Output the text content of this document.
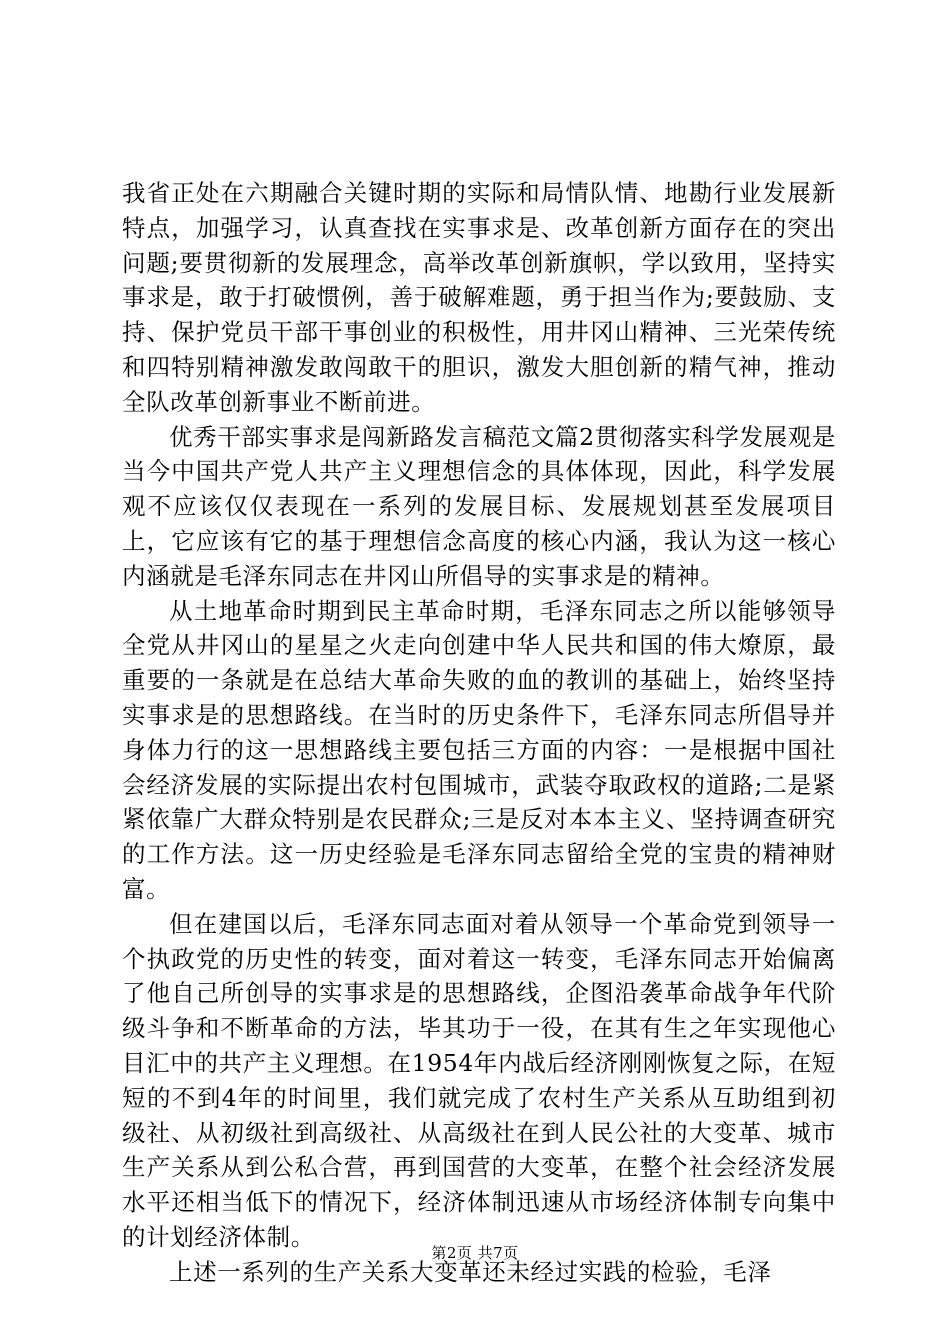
我省正处在六期融合关键时期的实际和局情队情、地勘行业发展新特点，加强学习，认真查找在实事求是、改革创新方面存在的突出问题;要贯彻新的发展理念，高举改革创新旗帜，学以致用，坚持实事求是，敢于打破惯例，善于破解难题，勇于担当作为;要鼓励、支持、保护党员干部干事创业的积极性，用井冈山精神、三光荣传统和四特别精神激发敢闯敢干的胆识，激发大胆创新的精气神，推动全队改革创新事业不断前进。

优秀干部实事求是闯新路发言稿范文篇2贯彻落实科学发展观是当今中国共产党人共产主义理想信念的具体体现，因此，科学发展观不应该仅仅表现在一系列的发展目标、发展规划甚至发展项目上，它应该有它的基于理想信念高度的核心内涵，我认为这一核心内涵就是毛泽东同志在井冈山所倡导的实事求是的精神。

从土地革命时期到民主革命时期，毛泽东同志之所以能够领导全党从井冈山的星星之火走向创建中华人民共和国的伟大燎原，最重要的一条就是在总结大革命失败的血的教训的基础上，始终坚持实事求是的思想路线。在当时的历史条件下，毛泽东同志所倡导并身体力行的这一思想路线主要包括三方面的内容：一是根据中国社会经济发展的实际提出农村包围城市，武装夺取政权的道路;二是紧紧依靠广大群众特别是农民群众;三是反对本本主义、坚持调查研究的工作方法。这一历史经验是毛泽东同志留给全党的宝贵的精神财富。

但在建国以后，毛泽东同志面对着从领导一个革命党到领导一个执政党的历史性的转变，面对着这一转变，毛泽东同志开始偏离了他自己所创导的实事求是的思想路线，企图沿袭革命战争年代阶级斗争和不断革命的方法，毕其功于一役，在其有生之年实现他心目汇中的共产主义理想。在1954年内战后经济刚刚恢复之际，在短短的不到4年的时间里，我们就完成了农村生产关系从互助组到初级社、从初级社到高级社、从高级社在到人民公社的大变革、城市生产关系从到公私合营，再到国营的大变革，在整个社会经济发展水平还相当低下的情况下，经济体制迅速从市场经济体制专向集中的计划经济体制。

上述一系列的生产关系大变革还未经过实践的检验，毛泽

第2页 共7页
